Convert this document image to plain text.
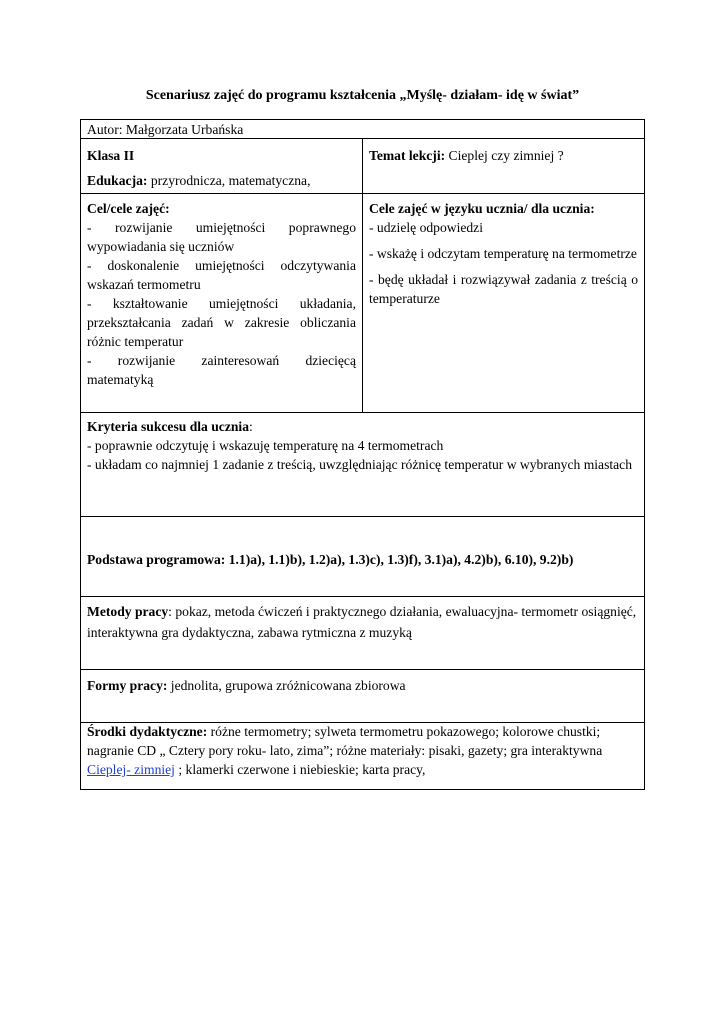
Scenariusz zajęć do programu kształcenia „Myślę- działam- idę w świat”

Autor: Małgorzata Urbańska

Klasa II

Edukacja: przyrodnicza, matematyczna,

Temat lekcji: Cieplej czy zimniej ?

Cel/cele zajęć:

- rozwijanie umiejętności poprawnego wypowiadania się uczniów

- doskonalenie umiejętności odczytywania wskazań termometru

- kształtowanie umiejętności układania, przekształcania zadań w zakresie obliczania różnic temperatur

- rozwijanie zainteresowań dziecięcą matematyką

Cele zajęć w języku ucznia/ dla ucznia:

- udzielę odpowiedzi

- wskażę i odczytam temperaturę na termometrze

- będę układał i rozwiązywał zadania z treścią o temperaturze

Kryteria sukcesu dla ucznia:

- poprawnie odczytuję i wskazuję temperaturę na 4 termometrach

- układam co najmniej 1 zadanie z treścią, uwzględniając różnicę temperatur w wybranych miastach

Podstawa programowa: 1.1)a), 1.1)b), 1.2)a), 1.3)c), 1.3)f), 3.1)a), 4.2)b), 6.10), 9.2)b)

Metody pracy: pokaz, metoda ćwiczeń i praktycznego działania, ewaluacyjna- termometr osiągnięć, interaktywna gra dydaktyczna, zabawa rytmiczna z muzyką

Formy pracy: jednolita, grupowa zróżnicowana zbiorowa

Środki dydaktyczne: różne termometry; sylweta termometru pokazowego; kolorowe chustki; nagranie CD „ Cztery pory roku- lato, zima”; różne materiały: pisaki, gazety; gra interaktywna Cieplej- zimniej ; klamerki czerwone i niebieskie; karta pracy,
